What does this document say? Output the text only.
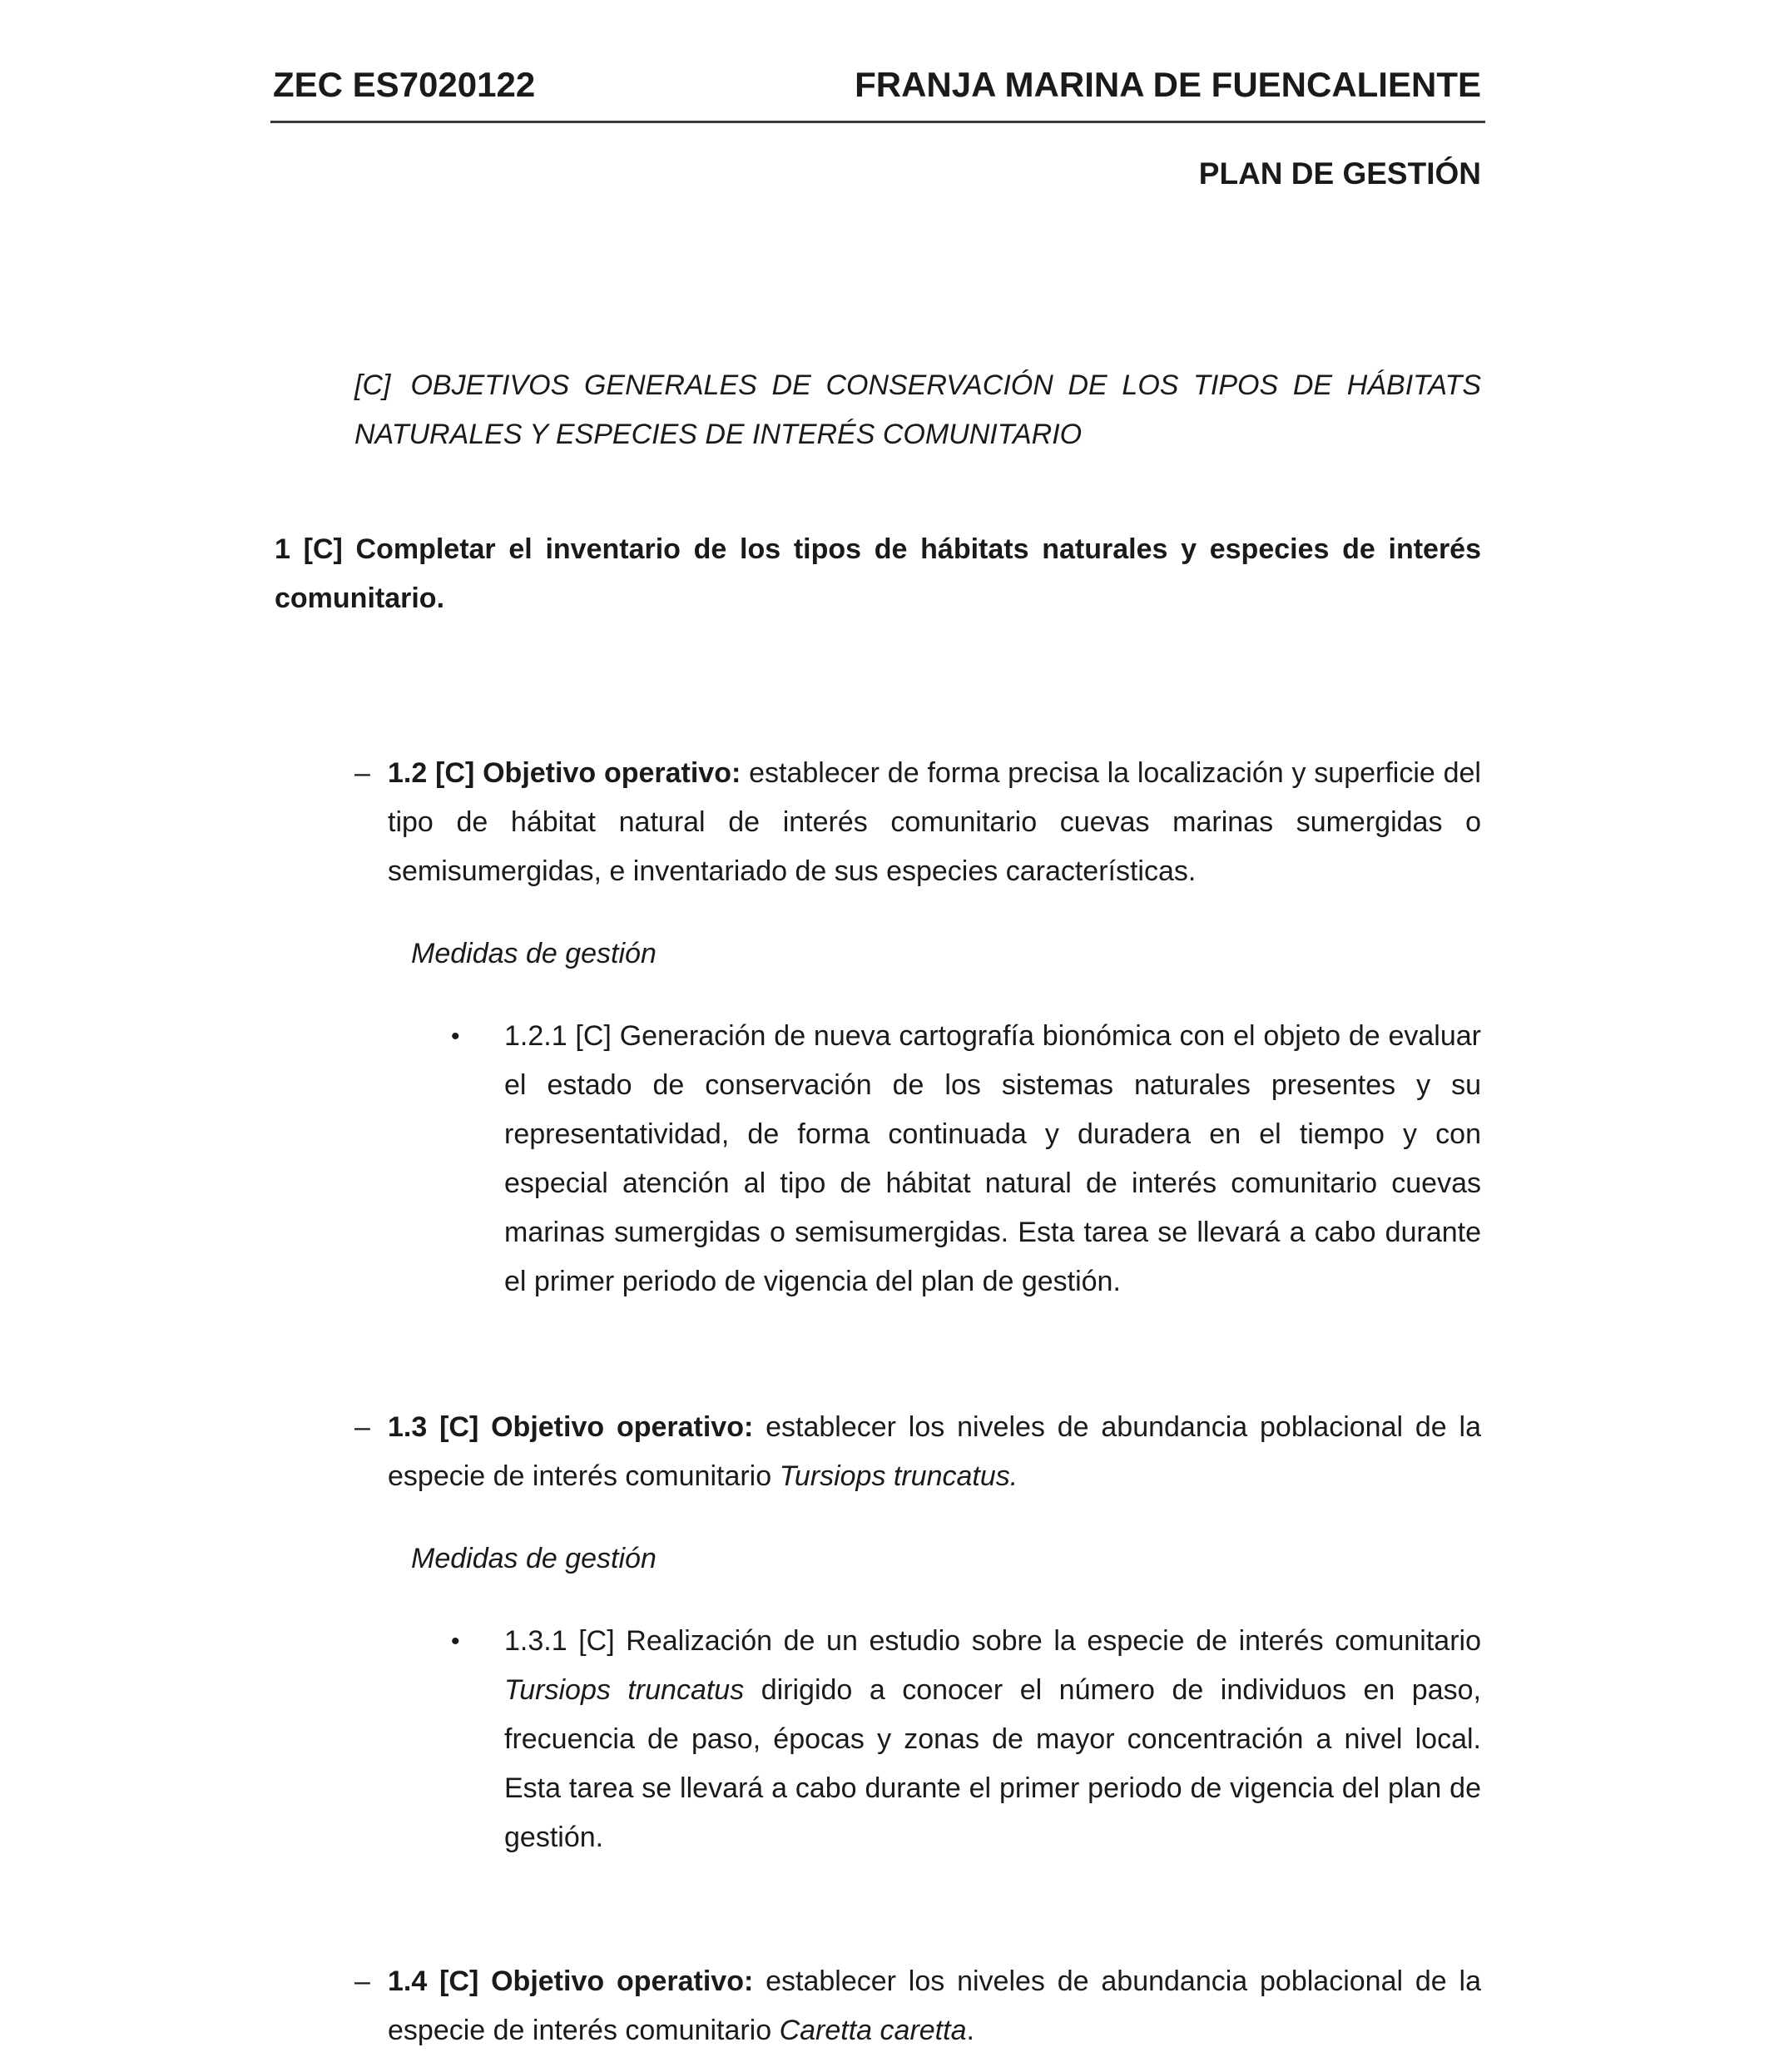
ZEC ES7020122	FRANJA MARINA DE FUENCALIENTE
PLAN DE GESTIÓN
[C] OBJETIVOS GENERALES DE CONSERVACIÓN DE LOS TIPOS DE HÁBITATS NATURALES Y ESPECIES DE INTERÉS COMUNITARIO
1 [C] Completar el inventario de los tipos de hábitats naturales y especies de interés comunitario.
– 1.2 [C] Objetivo operativo: establecer de forma precisa la localización y superficie del tipo de hábitat natural de interés comunitario cuevas marinas sumergidas o semisumergidas, e inventariado de sus especies características.
Medidas de gestión
• 1.2.1 [C] Generación de nueva cartografía bionómica con el objeto de evaluar el estado de conservación de los sistemas naturales presentes y su representatividad, de forma continuada y duradera en el tiempo y con especial atención al tipo de hábitat natural de interés comunitario cuevas marinas sumergidas o semisumergidas. Esta tarea se llevará a cabo durante el primer periodo de vigencia del plan de gestión.
– 1.3 [C] Objetivo operativo: establecer los niveles de abundancia poblacional de la especie de interés comunitario Tursiops truncatus.
Medidas de gestión
• 1.3.1 [C] Realización de un estudio sobre la especie de interés comunitario Tursiops truncatus dirigido a conocer el número de individuos en paso, frecuencia de paso, épocas y zonas de mayor concentración a nivel local. Esta tarea se llevará a cabo durante el primer periodo de vigencia del plan de gestión.
– 1.4 [C] Objetivo operativo: establecer los niveles de abundancia poblacional de la especie de interés comunitario Caretta caretta.
